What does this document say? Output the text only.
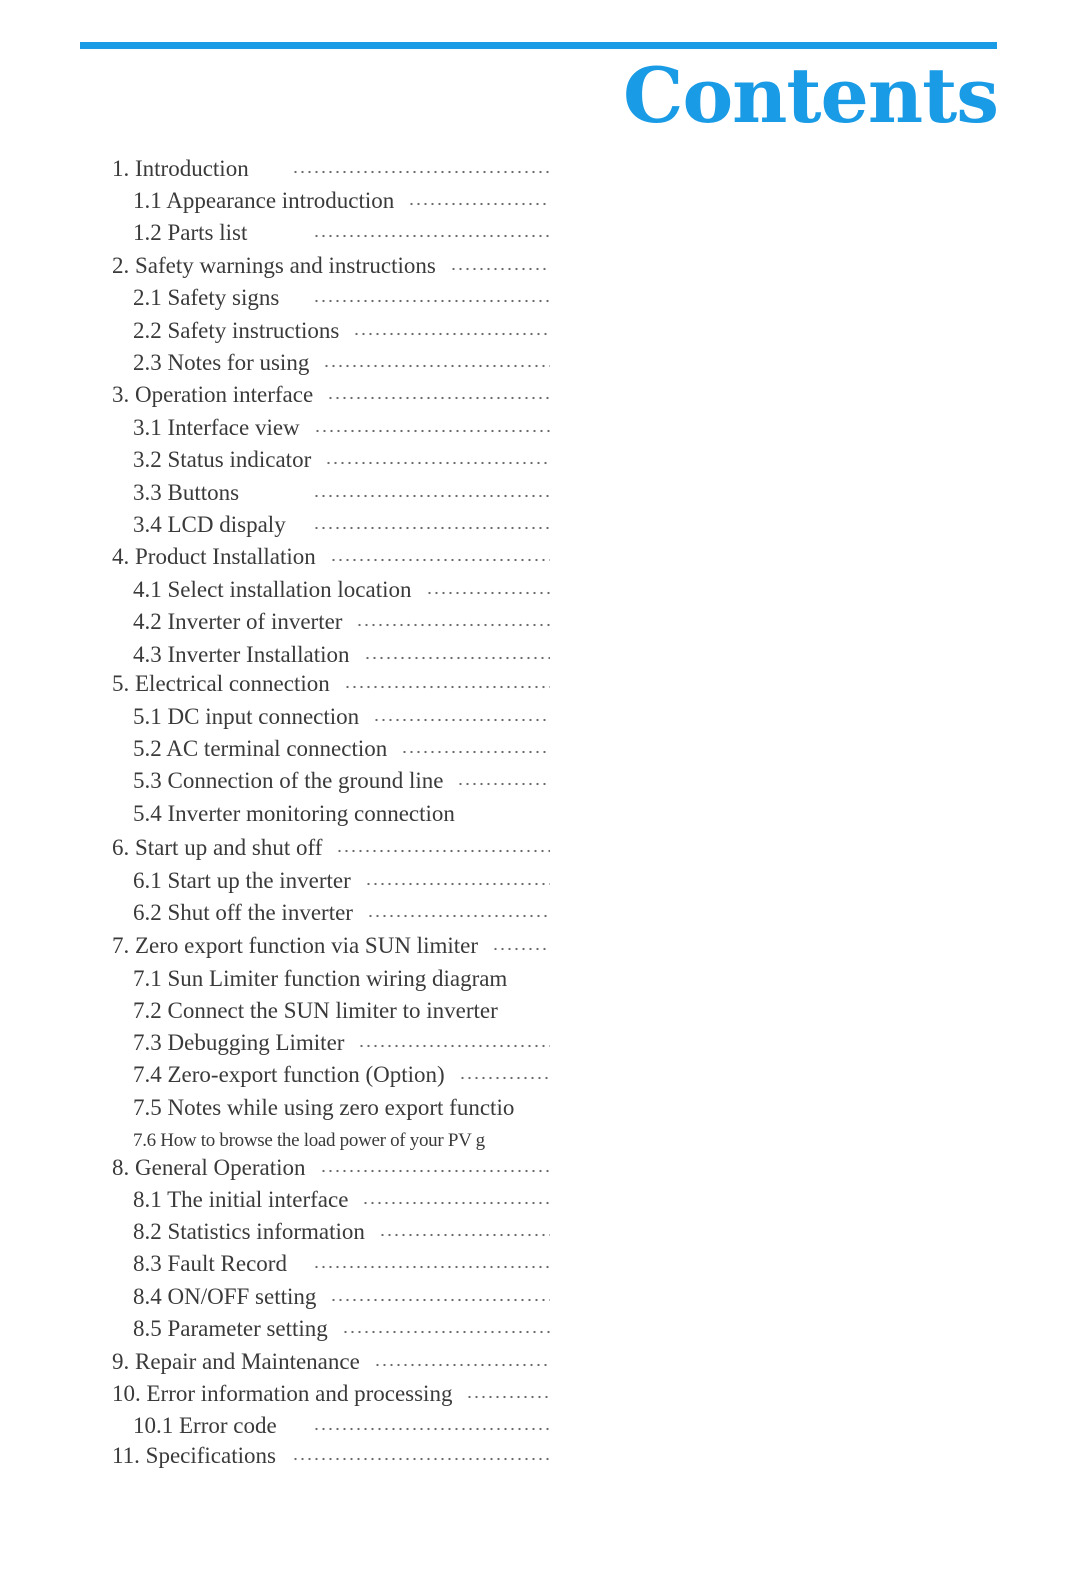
Contents
1. Introduction
1.1 Appearance introduction
1.2 Parts list
2. Safety warnings and instructions
2.1 Safety signs
2.2 Safety instructions
2.3 Notes for using
3. Operation interface
3.1 Interface view
3.2 Status indicator
3.3 Buttons
3.4 LCD dispaly
4. Product Installation
4.1 Select installation location
4.2 Inverter of inverter
4.3 Inverter Installation
5. Electrical connection
5.1 DC input connection
5.2 AC terminal connection
5.3 Connection of the ground line
5.4 Inverter monitoring connection
6. Start up and shut off
6.1 Start up the inverter
6.2 Shut off the inverter
7. Zero export function via SUN limiter
7.1 Sun Limiter function wiring diagram
7.2 Connect the SUN limiter to inverter
7.3 Debugging Limiter
7.4 Zero-export function (Option)
7.5 Notes while using zero export functio
7.6 How to browse the load power of your PV g
8. General Operation
8.1 The initial interface
8.2 Statistics information
8.3 Fault Record
8.4 ON/OFF setting
8.5 Parameter setting
9. Repair and Maintenance
10. Error information and processing
10.1 Error code
11. Specifications
